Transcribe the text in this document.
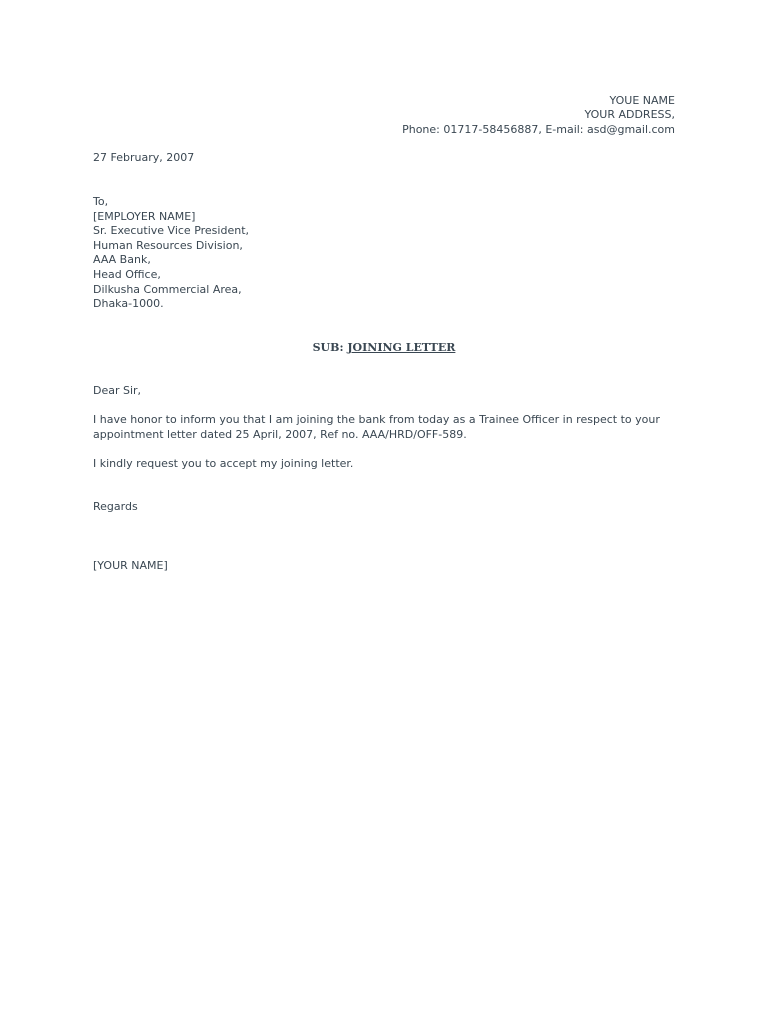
YOUE NAME
YOUR ADDRESS,
Phone: 01717-58456887, E-mail: asd@gmail.com
27 February, 2007
To,
[EMPLOYER NAME]
Sr. Executive Vice President,
Human Resources Division,
AAA Bank,
Head Office,
Dilkusha Commercial Area,
Dhaka-1000.
SUB: JOINING LETTER
Dear Sir,
I have honor to inform you that I am joining the bank from today as a Trainee Officer in respect to your
appointment letter dated 25 April, 2007, Ref no. AAA/HRD/OFF-589.
I kindly request you to accept my joining letter.
Regards
[YOUR NAME]
